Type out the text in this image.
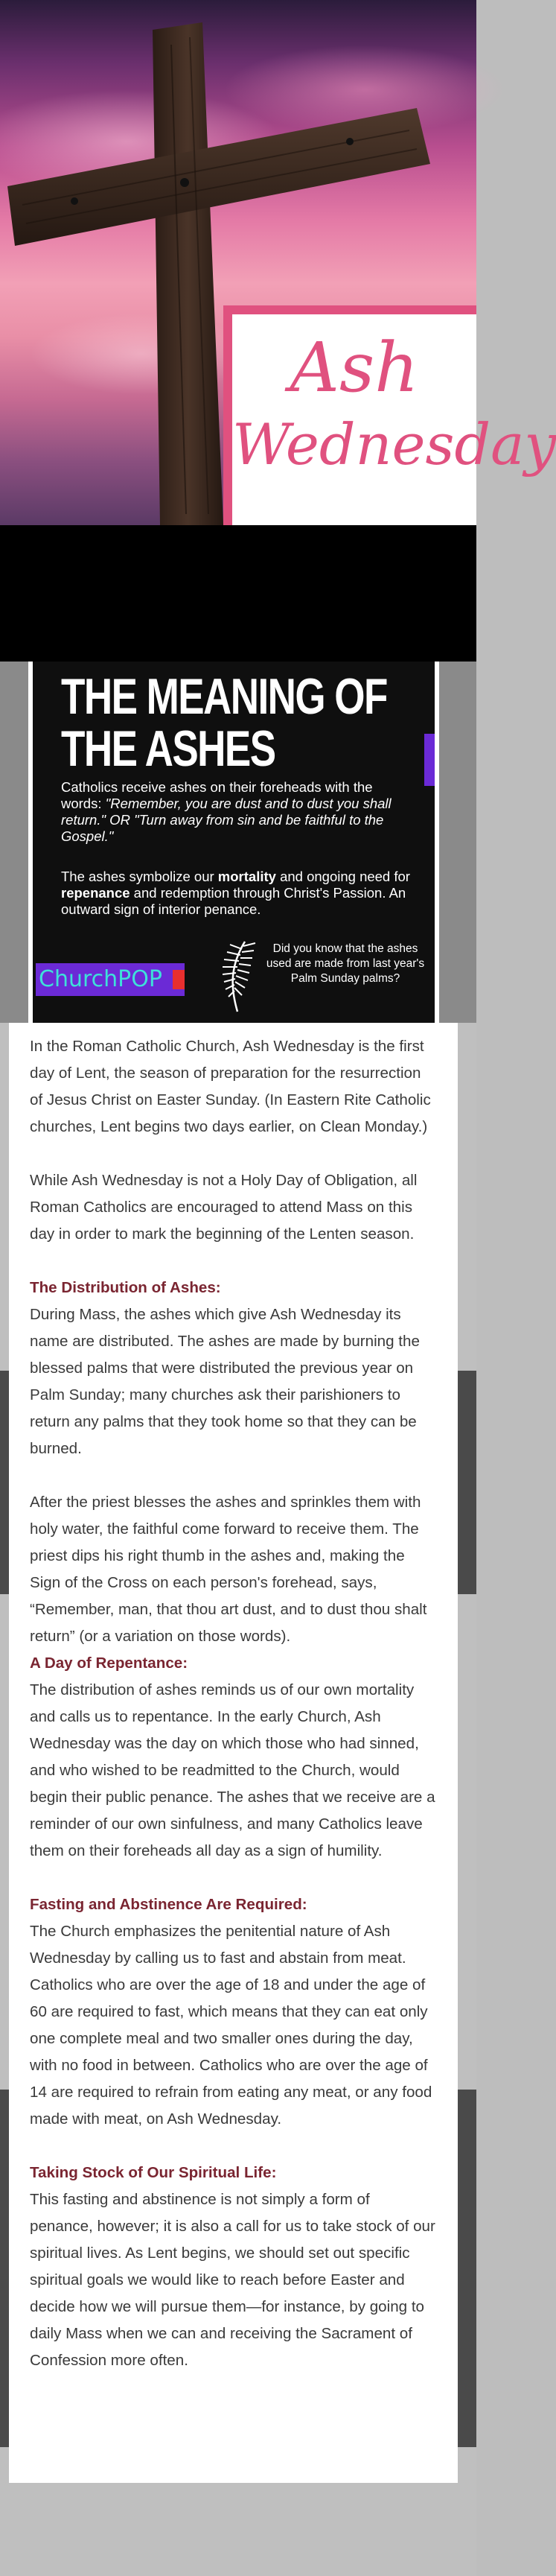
Ash
Wednesday
THE MEANING OF
THE ASHES
Catholics receive ashes on their foreheads with the words: "Remember, you are dust and to dust you shall return." OR "Turn away from sin and be faithful to the Gospel."
The ashes symbolize our mortality and ongoing need for repenance and redemption through Christ's Passion. An outward sign of interior penance.
ChurchPOP
Did you know that the ashes used are made from last year's Palm Sunday palms?

In the Roman Catholic Church, Ash Wednesday is the first day of Lent, the season of preparation for the resurrection of Jesus Christ on Easter Sunday. (In Eastern Rite Catholic churches, Lent begins two days earlier, on Clean Monday.)

While Ash Wednesday is not a Holy Day of Obligation, all Roman Catholics are encouraged to attend Mass on this day in order to mark the beginning of the Lenten season.

The Distribution of Ashes:

During Mass, the ashes which give Ash Wednesday its name are distributed. The ashes are made by burning the blessed palms that were distributed the previous year on Palm Sunday; many churches ask their parishioners to return any palms that they took home so that they can be burned.

After the priest blesses the ashes and sprinkles them with holy water, the faithful come forward to receive them. The priest dips his right thumb in the ashes and, making the Sign of the Cross on each person's forehead, says, “Remember, man, that thou art dust, and to dust thou shalt return” (or a variation on those words).

A Day of Repentance:

The distribution of ashes reminds us of our own mortality and calls us to repentance. In the early Church, Ash Wednesday was the day on which those who had sinned, and who wished to be readmitted to the Church, would begin their public penance. The ashes that we receive are a reminder of our own sinfulness, and many Catholics leave them on their foreheads all day as a sign of humility.

Fasting and Abstinence Are Required:

The Church emphasizes the penitential nature of Ash Wednesday by calling us to fast and abstain from meat. Catholics who are over the age of 18 and under the age of 60 are required to fast, which means that they can eat only one complete meal and two smaller ones during the day, with no food in between. Catholics who are over the age of 14 are required to refrain from eating any meat, or any food made with meat, on Ash Wednesday.

Taking Stock of Our Spiritual Life:

This fasting and abstinence is not simply a form of penance, however; it is also a call for us to take stock of our spiritual lives. As Lent begins, we should set out specific spiritual goals we would like to reach before Easter and decide how we will pursue them—for instance, by going to daily Mass when we can and receiving the Sacrament of Confession more often.
